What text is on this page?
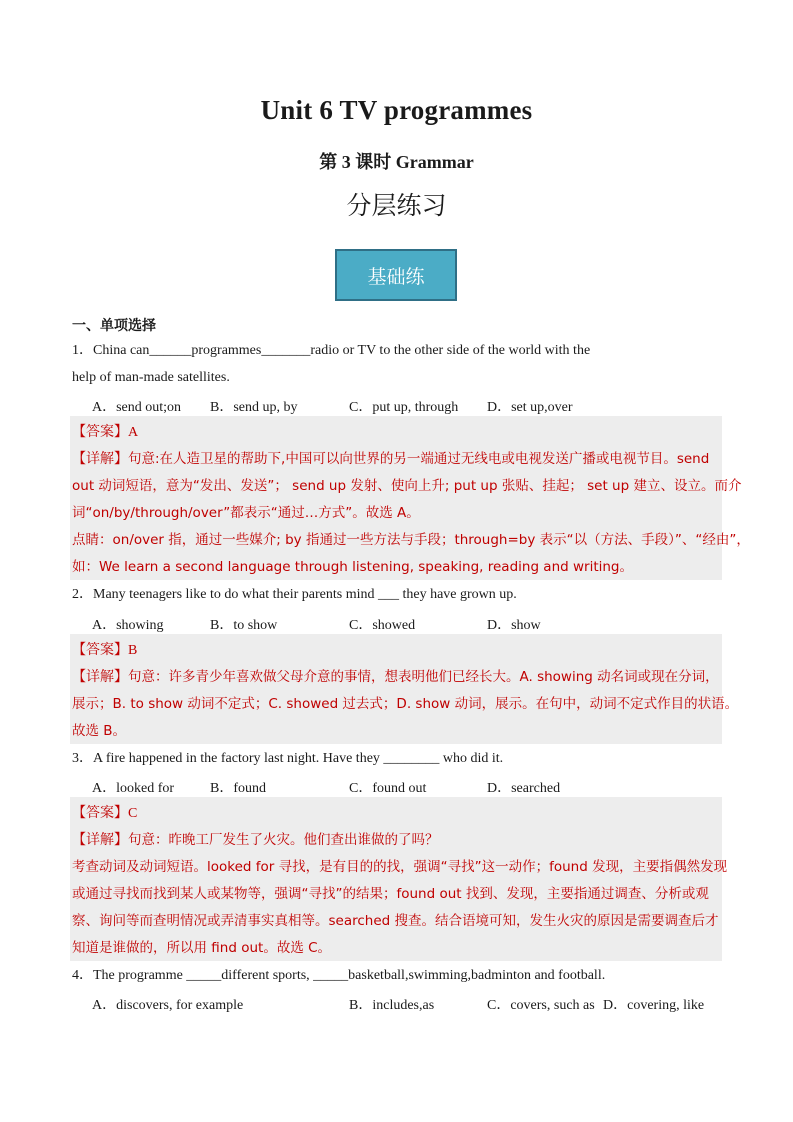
Unit 6 TV programmes
第 3 课时 Grammar
分层练习
基础练
一、单项选择
1．China can______programmes_______radio or TV to the other side of the world with the
help of man-made satellites.
A．send out;on B．send up, by	C．put up, through D．set up,over
【答案】A
【详解】句意:在人造卫星的帮助下,中国可以向世界的另一端通过无线电或电视发送广播或电视节目。send
out 动词短语，意为“发出、发送”； send up 发射、使向上升; put up 张贴、挂起； set up 建立、设立。而介
词“on/by/through/over”都表示“通过…方式”。故选 A。
点睛：on/over 指，通过一些媒介; by 指通过一些方法与手段；through=by 表示“以（方法、手段）”、“经由”，
如：We learn a second language through listening, speaking, reading and writing。
2．Many teenagers like to do what their parents mind ___ they have grown up.
A．showing	B．to show	C．showed	D．show
【答案】B
【详解】句意：许多青少年喜欢做父母介意的事情，想表明他们已经长大。A. showing 动名词或现在分词，
展示；B. to show 动词不定式；C. showed 过去式；D. show 动词，展示。在句中，动词不定式作目的状语。
故选 B。
3．A fire happened in the factory last night. Have they ________ who did it.
A．looked for	B．found	C．found out	D．searched
【答案】C
【详解】句意：昨晚工厂发生了火灾。他们查出谁做的了吗？
考查动词及动词短语。looked for 寻找，是有目的的找，强调“寻找”这一动作；found 发现，主要指偶然发现
或通过寻找而找到某人或某物等，强调“寻找”的结果；found out 找到、发现，主要指通过调查、分析或观
察、询问等而查明情况或弄清事实真相等。searched 搜查。结合语境可知，发生火灾的原因是需要调查后才
知道是谁做的，所以用 find out。故选 C。
4．The programme _____different sports, _____basketball,swimming,badminton and football.
A．discovers, for example	B．includes,as	C．covers, such as D．covering, like
